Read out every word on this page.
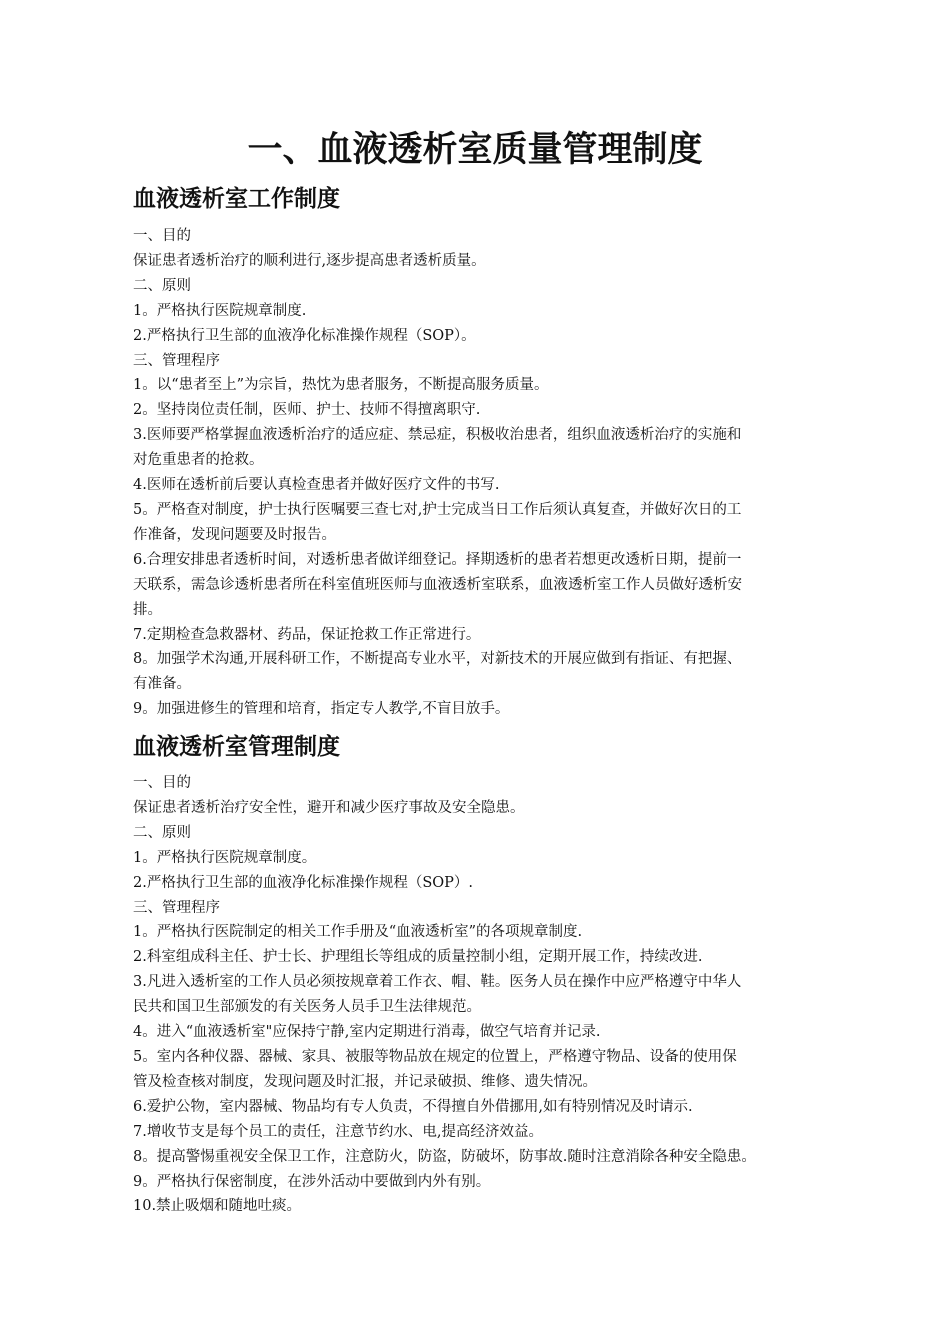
一、血液透析室质量管理制度
血液透析室工作制度

一、目的

保证患者透析治疗的顺利进行,逐步提高患者透析质量。

二、原则

1。严格执行医院规章制度.

2.严格执行卫生部的血液净化标准操作规程（SOP）。

三、管理程序

1。以“患者至上”为宗旨，热忱为患者服务，不断提高服务质量。

2。坚持岗位责任制，医师、护士、技师不得擅离职守.

3.医师要严格掌握血液透析治疗的适应症、禁忌症，积极收治患者，组织血液透析治疗的实施和

对危重患者的抢救。

4.医师在透析前后要认真检查患者并做好医疗文件的书写.

5。严格查对制度，护士执行医嘱要三查七对,护士完成当日工作后须认真复查，并做好次日的工

作准备，发现问题要及时报告。

6.合理安排患者透析时间，对透析患者做详细登记。择期透析的患者若想更改透析日期，提前一

天联系，需急诊透析患者所在科室值班医师与血液透析室联系，血液透析室工作人员做好透析安

排。

7.定期检查急救器材、药品，保证抢救工作正常进行。

8。加强学术沟通,开展科研工作，不断提高专业水平，对新技术的开展应做到有指证、有把握、

有准备。

9。加强进修生的管理和培育，指定专人教学,不盲目放手。

血液透析室管理制度

一、目的

保证患者透析治疗安全性，避开和减少医疗事故及安全隐患。

二、原则

1。严格执行医院规章制度。

2.严格执行卫生部的血液净化标准操作规程（SOP）.

三、管理程序

1。严格执行医院制定的相关工作手册及“血液透析室”的各项规章制度.

2.科室组成科主任、护士长、护理组长等组成的质量控制小组，定期开展工作，持续改进.

3.凡进入透析室的工作人员必须按规章着工作衣、帽、鞋。医务人员在操作中应严格遵守中华人

民共和国卫生部颁发的有关医务人员手卫生法律规范。

4。进入“血液透析室"应保持宁静,室内定期进行消毒，做空气培育并记录.

5。室内各种仪器、器械、家具、被服等物品放在规定的位置上，严格遵守物品、设备的使用保

管及检查核对制度，发现问题及时汇报，并记录破损、维修、遗失情况。

6.爱护公物，室内器械、物品均有专人负责，不得擅自外借挪用,如有特别情况及时请示.

7.增收节支是每个员工的责任，注意节约水、电,提高经济效益。

8。提高警惕重视安全保卫工作，注意防火，防盗，防破坏，防事故.随时注意消除各种安全隐患。

9。严格执行保密制度，在涉外活动中要做到内外有别。

10.禁止吸烟和随地吐痰。
